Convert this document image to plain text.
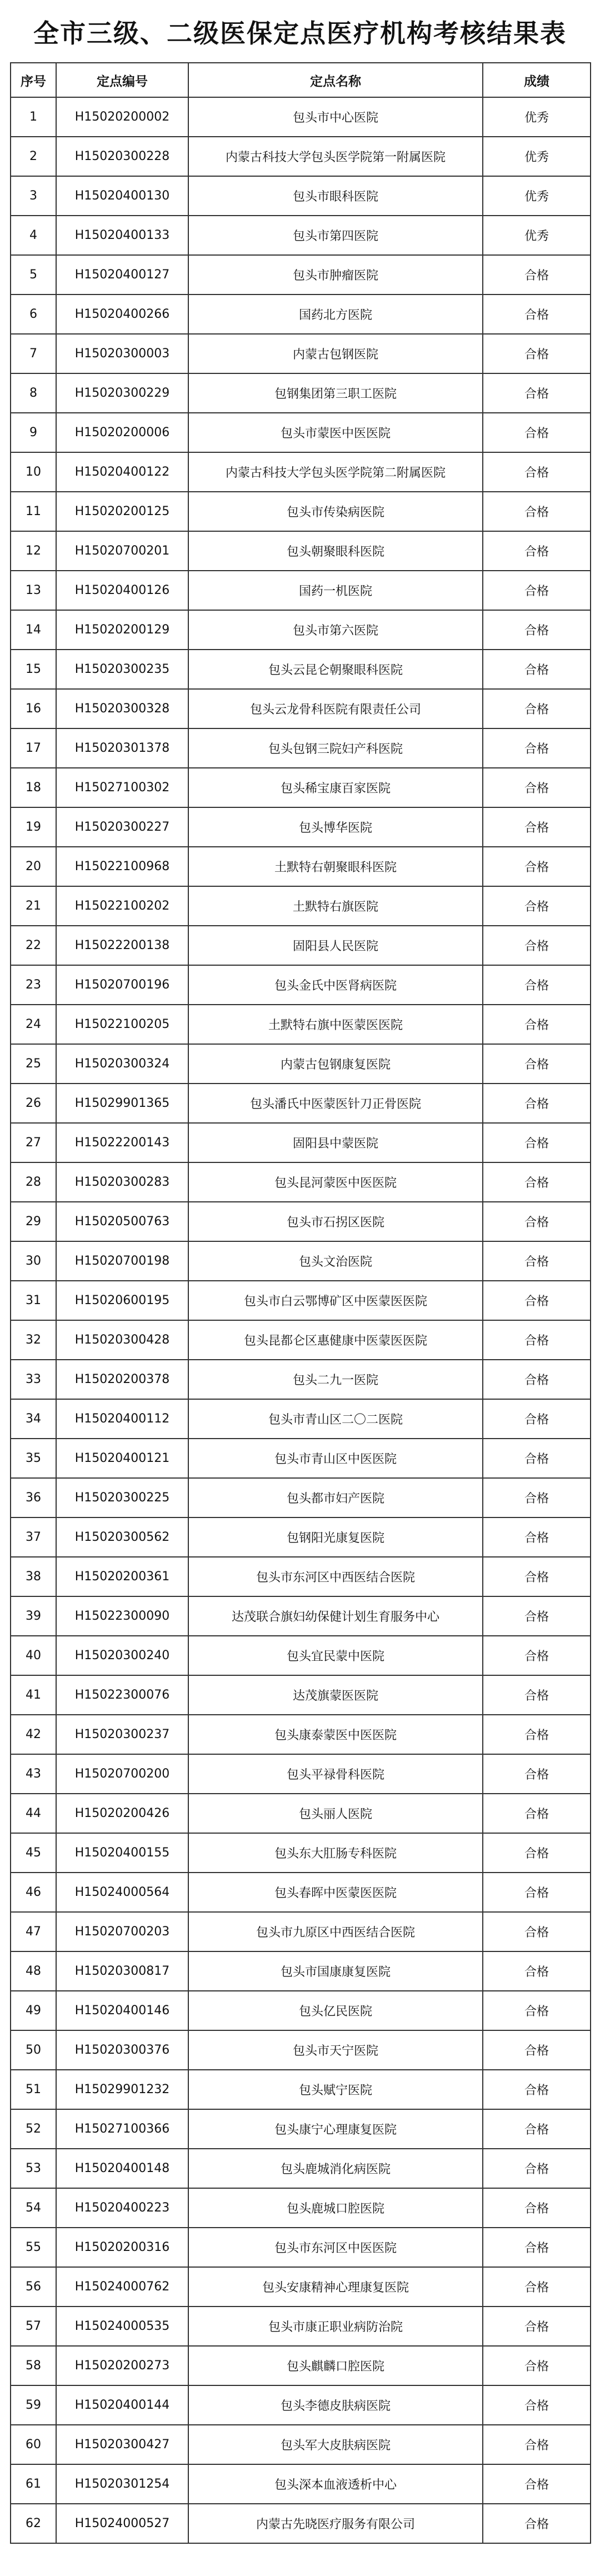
全市三级、二级医保定点医疗机构考核结果表
序号	定点编号	定点名称	成绩
1	H15020200002	包头市中心医院	优秀
2	H15020300228	内蒙古科技大学包头医学院第一附属医院	优秀
3	H15020400130	包头市眼科医院	优秀
4	H15020400133	包头市第四医院	优秀
5	H15020400127	包头市肿瘤医院	合格
6	H15020400266	国药北方医院	合格
7	H15020300003	内蒙古包钢医院	合格
8	H15020300229	包钢集团第三职工医院	合格
9	H15020200006	包头市蒙医中医医院	合格
10	H15020400122	内蒙古科技大学包头医学院第二附属医院	合格
11	H15020200125	包头市传染病医院	合格
12	H15020700201	包头朝聚眼科医院	合格
13	H15020400126	国药一机医院	合格
14	H15020200129	包头市第六医院	合格
15	H15020300235	包头云昆仑朝聚眼科医院	合格
16	H15020300328	包头云龙骨科医院有限责任公司	合格
17	H15020301378	包头包钢三院妇产科医院	合格
18	H15027100302	包头稀宝康百家医院	合格
19	H15020300227	包头博华医院	合格
20	H15022100968	土默特右朝聚眼科医院	合格
21	H15022100202	土默特右旗医院	合格
22	H15022200138	固阳县人民医院	合格
23	H15020700196	包头金氏中医肾病医院	合格
24	H15022100205	土默特右旗中医蒙医医院	合格
25	H15020300324	内蒙古包钢康复医院	合格
26	H15029901365	包头潘氏中医蒙医针刀正骨医院	合格
27	H15022200143	固阳县中蒙医院	合格
28	H15020300283	包头昆河蒙医中医医院	合格
29	H15020500763	包头市石拐区医院	合格
30	H15020700198	包头文治医院	合格
31	H15020600195	包头市白云鄂博矿区中医蒙医医院	合格
32	H15020300428	包头昆都仑区惠健康中医蒙医医院	合格
33	H15020200378	包头二九一医院	合格
34	H15020400112	包头市青山区二〇二医院	合格
35	H15020400121	包头市青山区中医医院	合格
36	H15020300225	包头都市妇产医院	合格
37	H15020300562	包钢阳光康复医院	合格
38	H15020200361	包头市东河区中西医结合医院	合格
39	H15022300090	达茂联合旗妇幼保健计划生育服务中心	合格
40	H15020300240	包头宜民蒙中医院	合格
41	H15022300076	达茂旗蒙医医院	合格
42	H15020300237	包头康泰蒙医中医医院	合格
43	H15020700200	包头平禄骨科医院	合格
44	H15020200426	包头丽人医院	合格
45	H15020400155	包头东大肛肠专科医院	合格
46	H15024000564	包头春晖中医蒙医医院	合格
47	H15020700203	包头市九原区中西医结合医院	合格
48	H15020300817	包头市国康康复医院	合格
49	H15020400146	包头亿民医院	合格
50	H15020300376	包头市天宁医院	合格
51	H15029901232	包头赋宁医院	合格
52	H15027100366	包头康宁心理康复医院	合格
53	H15020400148	包头鹿城消化病医院	合格
54	H15020400223	包头鹿城口腔医院	合格
55	H15020200316	包头市东河区中医医院	合格
56	H15024000762	包头安康精神心理康复医院	合格
57	H15024000535	包头市康正职业病防治院	合格
58	H15020200273	包头麒麟口腔医院	合格
59	H15020400144	包头李德皮肤病医院	合格
60	H15020300427	包头军大皮肤病医院	合格
61	H15020301254	包头深本血液透析中心	合格
62	H15024000527	内蒙古先晓医疗服务有限公司	合格
